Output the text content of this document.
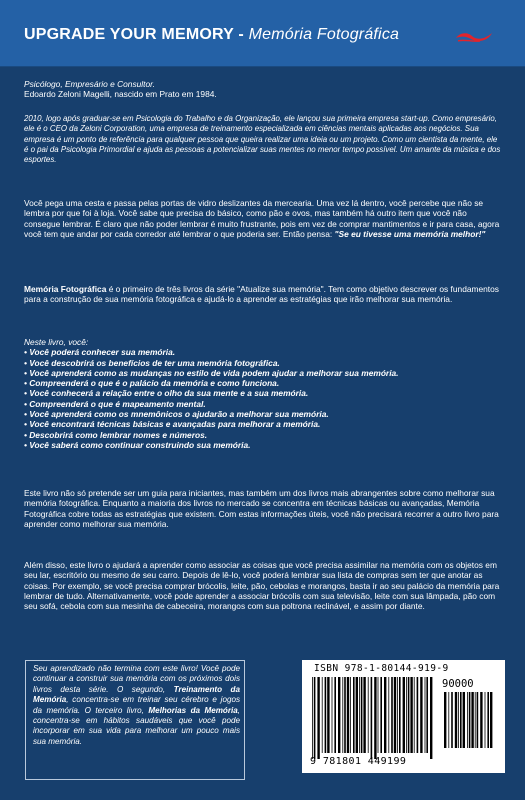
UPGRADE YOUR MEMORY - Memória Fotográfica
Psicólogo, Empresário e Consultor.
Edoardo Zeloni Magelli, nascido em Prato em 1984.
2010, logo após graduar-se em Psicologia do Trabalho e da Organização, ele lançou sua primeira empresa start-up. Como empresário, ele é o CEO da Zeloni Corporation, uma empresa de treinamento especializada em ciências mentais aplicadas aos negócios. Sua empresa é um ponto de referência para qualquer pessoa que queira realizar uma ideia ou um projeto. Como um cientista da mente, ele é o pai da Psicologia Primordial e ajuda as pessoas a potencializar suas mentes no menor tempo possível. Um amante da música e dos esportes.
Você pega uma cesta e passa pelas portas de vidro deslizantes da mercearia. Uma vez lá dentro, você percebe que não se lembra por que foi à loja. Você sabe que precisa do básico, como pão e ovos, mas também há outro item que você não consegue lembrar. É claro que não poder lembrar é muito frustrante, pois em vez de comprar mantimentos e ir para casa, agora você tem que andar por cada corredor até lembrar o que poderia ser. Então pensa: "Se eu tivesse uma memória melhor!"
Memória Fotográfica é o primeiro de três livros da série "Atualize sua memória". Tem como objetivo descrever os fundamentos para a construção de sua memória fotográfica e ajudá-lo a aprender as estratégias que irão melhorar sua memória.
Neste livro, você:
• Você poderá conhecer sua memória.
• Você descobrirá os benefícios de ter uma memória fotográfica.
• Você aprenderá como as mudanças no estilo de vida podem ajudar a melhorar sua memória.
• Compreenderá o que é o palácio da memória e como funciona.
• Você conhecerá a relação entre o olho da sua mente e a sua memória.
• Compreenderá o que é mapeamento mental.
• Você aprenderá como os mnemônicos o ajudarão a melhorar sua memória.
• Você encontrará técnicas básicas e avançadas para melhorar a memória.
• Descobrirá como lembrar nomes e números.
• Você saberá como continuar construindo sua memória.
Este livro não só pretende ser um guia para iniciantes, mas também um dos livros mais abrangentes sobre como melhorar sua memória fotográfica. Enquanto a maioria dos livros no mercado se concentra em técnicas básicas ou avançadas, Memória Fotográfica cobre todas as estratégias que existem. Com estas informações úteis, você não precisará recorrer a outro livro para aprender como melhorar sua memória.
Além disso, este livro o ajudará a aprender como associar as coisas que você precisa assimilar na memória com os objetos em seu lar, escritório ou mesmo de seu carro. Depois de lê-lo, você poderá lembrar sua lista de compras sem ter que anotar as coisas. Por exemplo, se você precisa comprar brócolis, leite, pão, cebolas e morangos, basta ir ao seu palácio da memória para lembrar de tudo. Alternativamente, você pode aprender a associar brócolis com sua televisão, leite com sua lâmpada, pão com seu sofá, cebola com sua mesinha de cabeceira, morangos com sua poltrona reclinável, e assim por diante.
Seu aprendizado não termina com este livro! Você pode continuar a construir sua memória com os próximos dois livros desta série. O segundo, Treinamento da Memória, concentra-se em treinar seu cérebro e jogos da memória. O terceiro livro, Melhorias da Memória, concentra-se em hábitos saudáveis que você pode incorporar em sua vida para melhorar um pouco mais sua memória.
ISBN 978-1-80144-919-9
90000
9 781801 449199
